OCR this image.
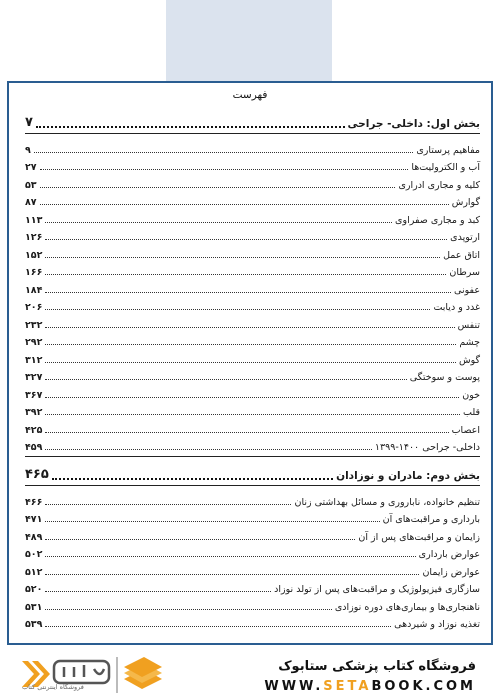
فهرست
بخش اول: داخلی- جراحی
۷
مفاهیم پرستاری
۹
آب و الکترولیت‌ها
۲۷
کلیه و مجاری ادراری
۵۳
گوارش
۸۷
کبد و مجاری صفراوی
۱۱۳
ارتوپدی
۱۲۶
اتاق عمل
۱۵۲
سرطان
۱۶۶
عفونی
۱۸۴
غدد و دیابت
۲۰۶
تنفس
۲۳۲
چشم
۲۹۲
گوش
۳۱۲
پوست و سوختگی
۳۲۷
خون
۳۶۷
قلب
۳۹۲
اعصاب
۴۲۵
داخلی- جراحی ۱۴۰۰-۱۳۹۹
۴۵۹
بخش دوم: مادران و نوزادان
۴۶۵
تنظیم خانواده، ناباروری و مسائل بهداشتی زنان
۴۶۶
بارداری و مراقبت‌های آن
۴۷۱
زایمان و مراقبت‌های پس از آن
۴۸۹
عوارض بارداری
۵۰۲
عوارض زایمان
۵۱۲
سازگاری فیزیولوژیک و مراقبت‌های پس از تولد نوزاد
۵۲۰
ناهنجاری‌ها و بیماری‌های دوره نوزادی
۵۳۱
تغذیه نوزاد و شیردهی
۵۳۹
فروشگاه اینترنتی کتاب
فروشگاه کتاب پزشکی ستابوک
WWW.SETABOOK.COM
